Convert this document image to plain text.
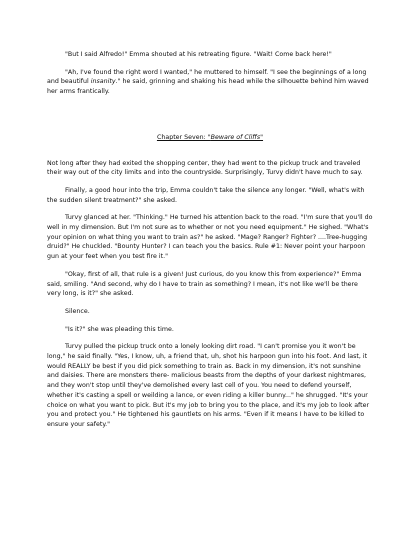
"But I said Alfredo!" Emma shouted at his retreating figure. "Wait! Come back here!"

"Ah, I've found the right word I wanted," he muttered to himself. "I see the beginnings of a long and beautiful insanity." he said, grinning and shaking his head while the silhouette behind him waved her arms frantically.

Chapter Seven: "Beware of Cliffs"

Not long after they had exited the shopping center, they had went to the pickup truck and traveled their way out of the city limits and into the countryside. Surprisingly, Turvy didn't have much to say.

Finally, a good hour into the trip, Emma couldn't take the silence any longer. "Well, what's with the sudden silent treatment?" she asked.

Turvy glanced at her. "Thinking." He turned his attention back to the road. "I'm sure that you'll do well in my dimension. But I'm not sure as to whether or not you need equipment." He sighed. "What's your opinion on what thing you want to train as?" he asked. "Mage? Ranger? Fighter? ....Tree-hugging druid?" He chuckled. "Bounty Hunter? I can teach you the basics. Rule #1: Never point your harpoon gun at your feet when you test fire it."

"Okay, first of all, that rule is a given! Just curious, do you know this from experience?" Emma said, smiling. "And second, why do I have to train as something? I mean, it's not like we'll be there very long, is it?" she asked.

Silence.

"Is it?" she was pleading this time.

Turvy pulled the pickup truck onto a lonely looking dirt road. "I can't promise you it won't be long," he said finally. "Yes, I know, uh, a friend that, uh, shot his harpoon gun into his foot. And last, it would REALLY be best if you did pick something to train as. Back in my dimension, it's not sunshine and daisies. There are monsters there- malicious beasts from the depths of your darkest nightmares, and they won't stop until they've demolished every last cell of you. You need to defend yourself, whether it's casting a spell or weilding a lance, or even riding a killer bunny..." he shrugged. "It's your choice on what you want to pick. But it's my job to bring you to the place, and it's my job to look after you and protect you." He tightened his gauntlets on his arms. "Even if it means I have to be killed to ensure your safety."
